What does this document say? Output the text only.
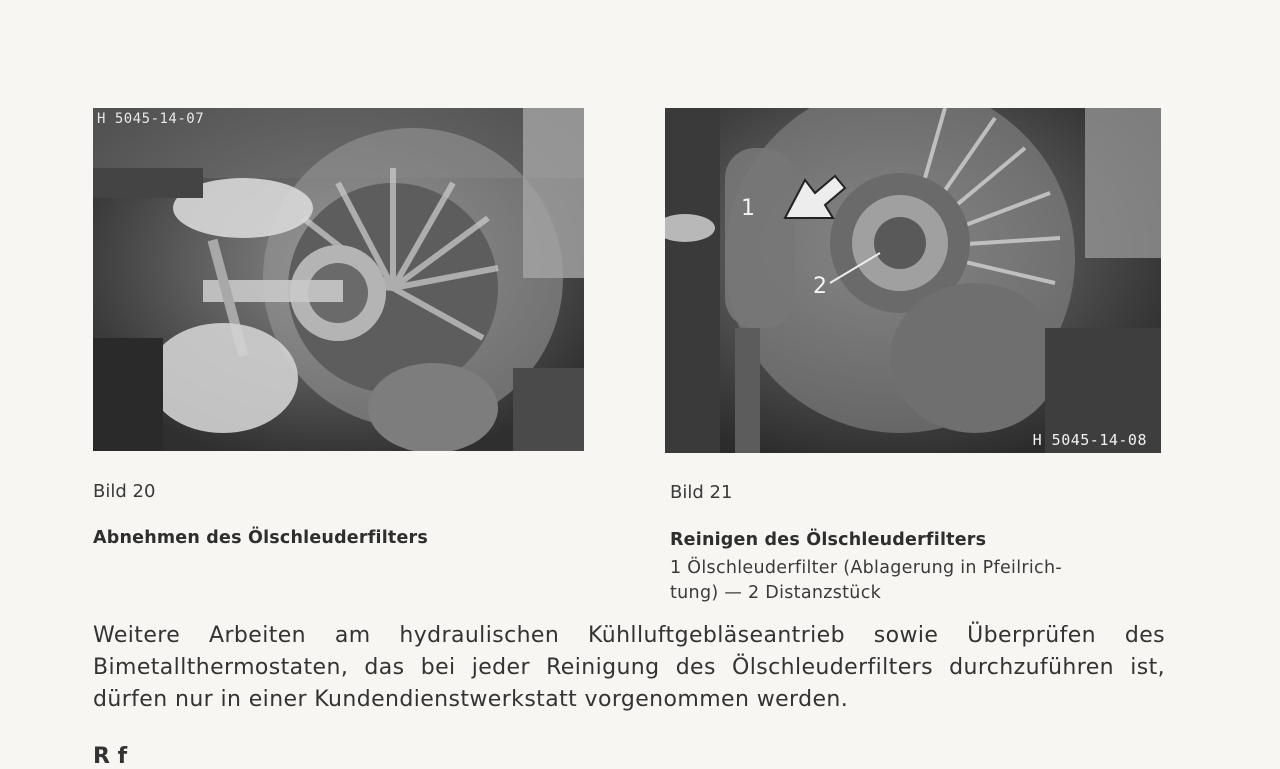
H 5045-14-07
1
2
H 5045-14-08
Bild 20
Abnehmen des Ölschleuderfilters
Bild 21
Reinigen des Ölschleuderfilters
1 Ölschleuderfilter (Ablagerung in Pfeilrich-
tung) — 2 Distanzstück
Weitere Arbeiten am hydraulischen Kühlluftgebläseantrieb sowie Überprüfen des Bimetallthermostaten, das bei jeder Reinigung des Ölschleuderfilters durchzuführen ist, dürfen nur in einer Kundendienstwerkstatt vorgenommen werden.
R f
